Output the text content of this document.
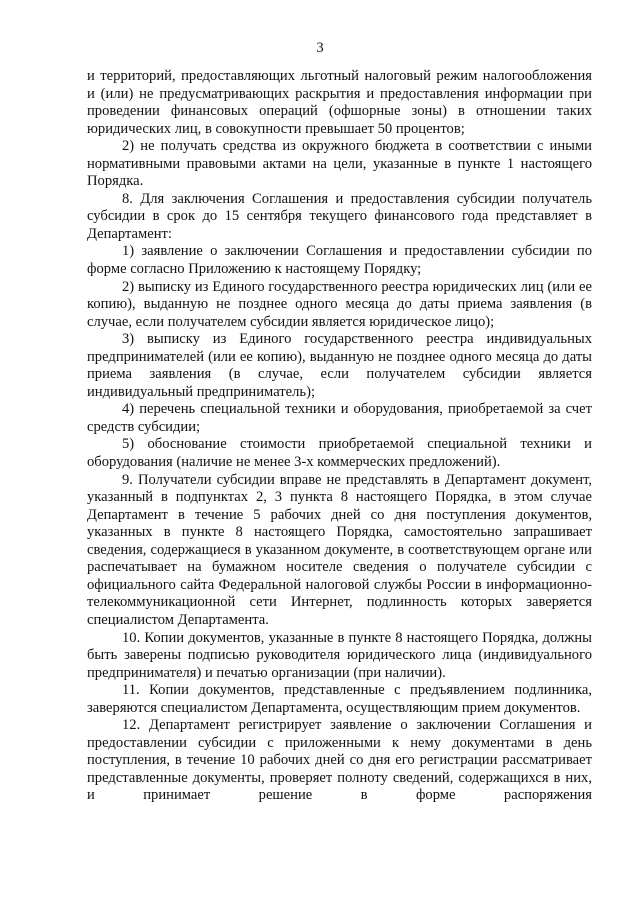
3

и территорий, предоставляющих льготный налоговый режим налогообложения и (или) не предусматривающих раскрытия и предоставления информации при проведении финансовых операций (офшорные зоны) в отношении таких юридических лиц, в совокупности превышает 50 процентов;

2) не получать средства из окружного бюджета в соответствии с иными нормативными правовыми актами на цели, указанные в пункте 1 настоящего Порядка.

8. Для заключения Соглашения и предоставления субсидии получатель субсидии в срок до 15 сентября текущего финансового года представляет в Департамент:

1) заявление о заключении Соглашения и предоставлении субсидии по форме согласно Приложению к настоящему Порядку;

2) выписку из Единого государственного реестра юридических лиц (или ее копию), выданную не позднее одного месяца до даты приема заявления (в случае, если получателем субсидии является юридическое лицо);

3) выписку из Единого государственного реестра индивидуальных предпринимателей (или ее копию), выданную не позднее одного месяца до даты приема заявления (в случае, если получателем субсидии является индивидуальный предприниматель);

4) перечень специальной техники и оборудования, приобретаемой за счет средств субсидии;

5) обоснование стоимости приобретаемой специальной техники и оборудования (наличие не менее 3-х коммерческих предложений).

9. Получатели субсидии вправе не представлять в Департамент документ, указанный в подпунктах 2, 3 пункта 8 настоящего Порядка, в этом случае Департамент в течение 5 рабочих дней со дня поступления документов, указанных в пункте 8 настоящего Порядка, самостоятельно запрашивает сведения, содержащиеся в указанном документе, в соответствующем органе или распечатывает на бумажном носителе сведения о получателе субсидии с официального сайта Федеральной налоговой службы России в информационно-телекоммуникационной сети Интернет, подлинность которых заверяется специалистом Департамента.

10. Копии документов, указанные в пункте 8 настоящего Порядка, должны быть заверены подписью руководителя юридического лица (индивидуального предпринимателя) и печатью организации (при наличии).

11. Копии документов, представленные с предъявлением подлинника, заверяются специалистом Департамента, осуществляющим прием документов.

12. Департамент регистрирует заявление о заключении Соглашения и предоставлении субсидии с приложенными к нему документами в день поступления, в течение 10 рабочих дней со дня его регистрации рассматривает представленные документы, проверяет полноту сведений, содержащихся в них, и принимает решение в форме распоряжения
